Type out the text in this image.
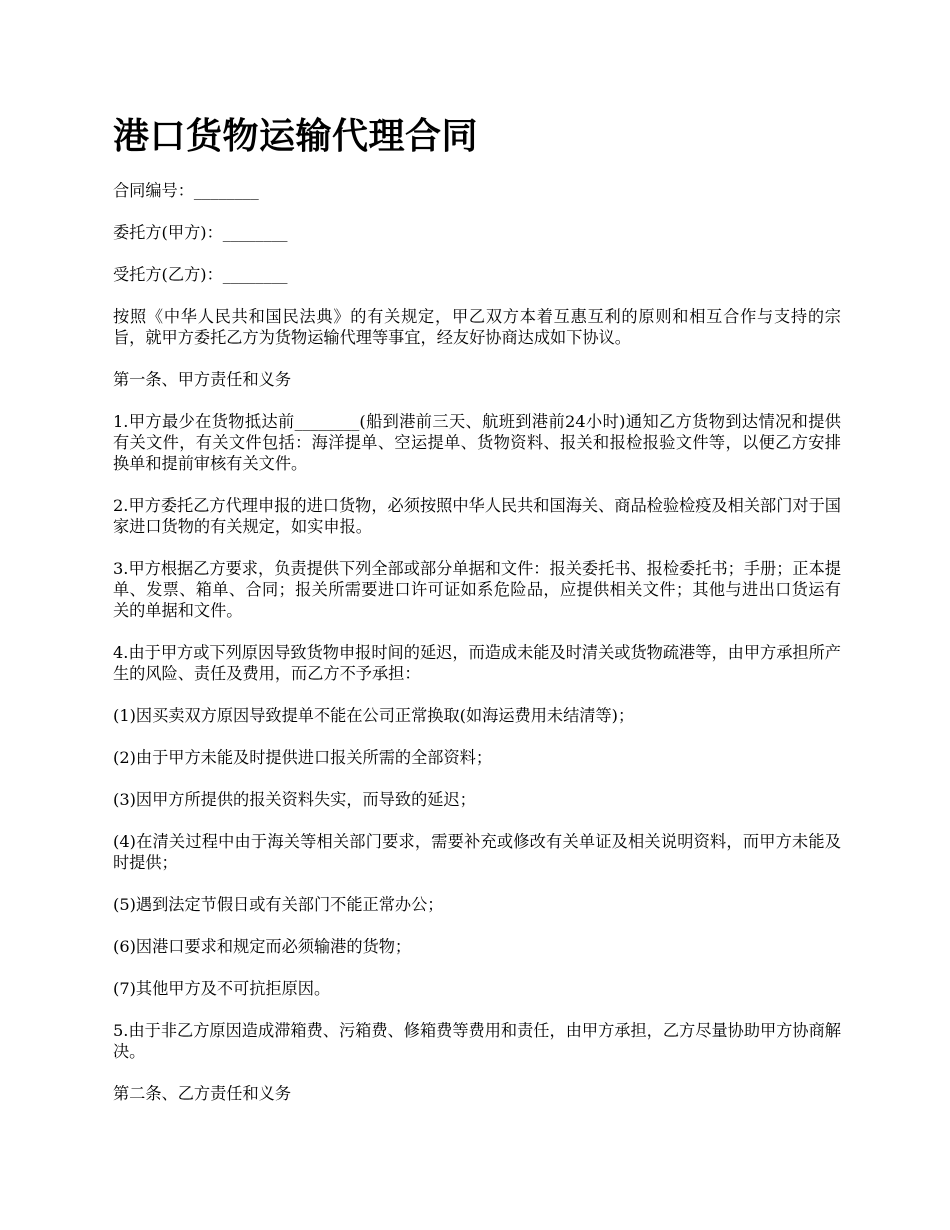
港口货物运输代理合同

合同编号：________

委托方(甲方)：________

受托方(乙方)：________

按照《中华人民共和国民法典》的有关规定，甲乙双方本着互惠互利的原则和相互合作与支持的宗旨，就甲方委托乙方为货物运输代理等事宜，经友好协商达成如下协议。

第一条、甲方责任和义务

1.甲方最少在货物抵达前________(船到港前三天、航班到港前24小时)通知乙方货物到达情况和提供有关文件，有关文件包括：海洋提单、空运提单、货物资料、报关和报检报验文件等，以便乙方安排换单和提前审核有关文件。

2.甲方委托乙方代理申报的进口货物，必须按照中华人民共和国海关、商品检验检疫及相关部门对于国家进口货物的有关规定，如实申报。

3.甲方根据乙方要求，负责提供下列全部或部分单据和文件：报关委托书、报检委托书；手册；正本提单、发票、箱单、合同；报关所需要进口许可证如系危险品，应提供相关文件；其他与进出口货运有关的单据和文件。

4.由于甲方或下列原因导致货物申报时间的延迟，而造成未能及时清关或货物疏港等，由甲方承担所产生的风险、责任及费用，而乙方不予承担：

(1)因买卖双方原因导致提单不能在公司正常换取(如海运费用未结清等)；

(2)由于甲方未能及时提供进口报关所需的全部资料；

(3)因甲方所提供的报关资料失实，而导致的延迟；

(4)在清关过程中由于海关等相关部门要求，需要补充或修改有关单证及相关说明资料，而甲方未能及时提供；

(5)遇到法定节假日或有关部门不能正常办公；

(6)因港口要求和规定而必须输港的货物；

(7)其他甲方及不可抗拒原因。

5.由于非乙方原因造成滞箱费、污箱费、修箱费等费用和责任，由甲方承担，乙方尽量协助甲方协商解决。

第二条、乙方责任和义务
